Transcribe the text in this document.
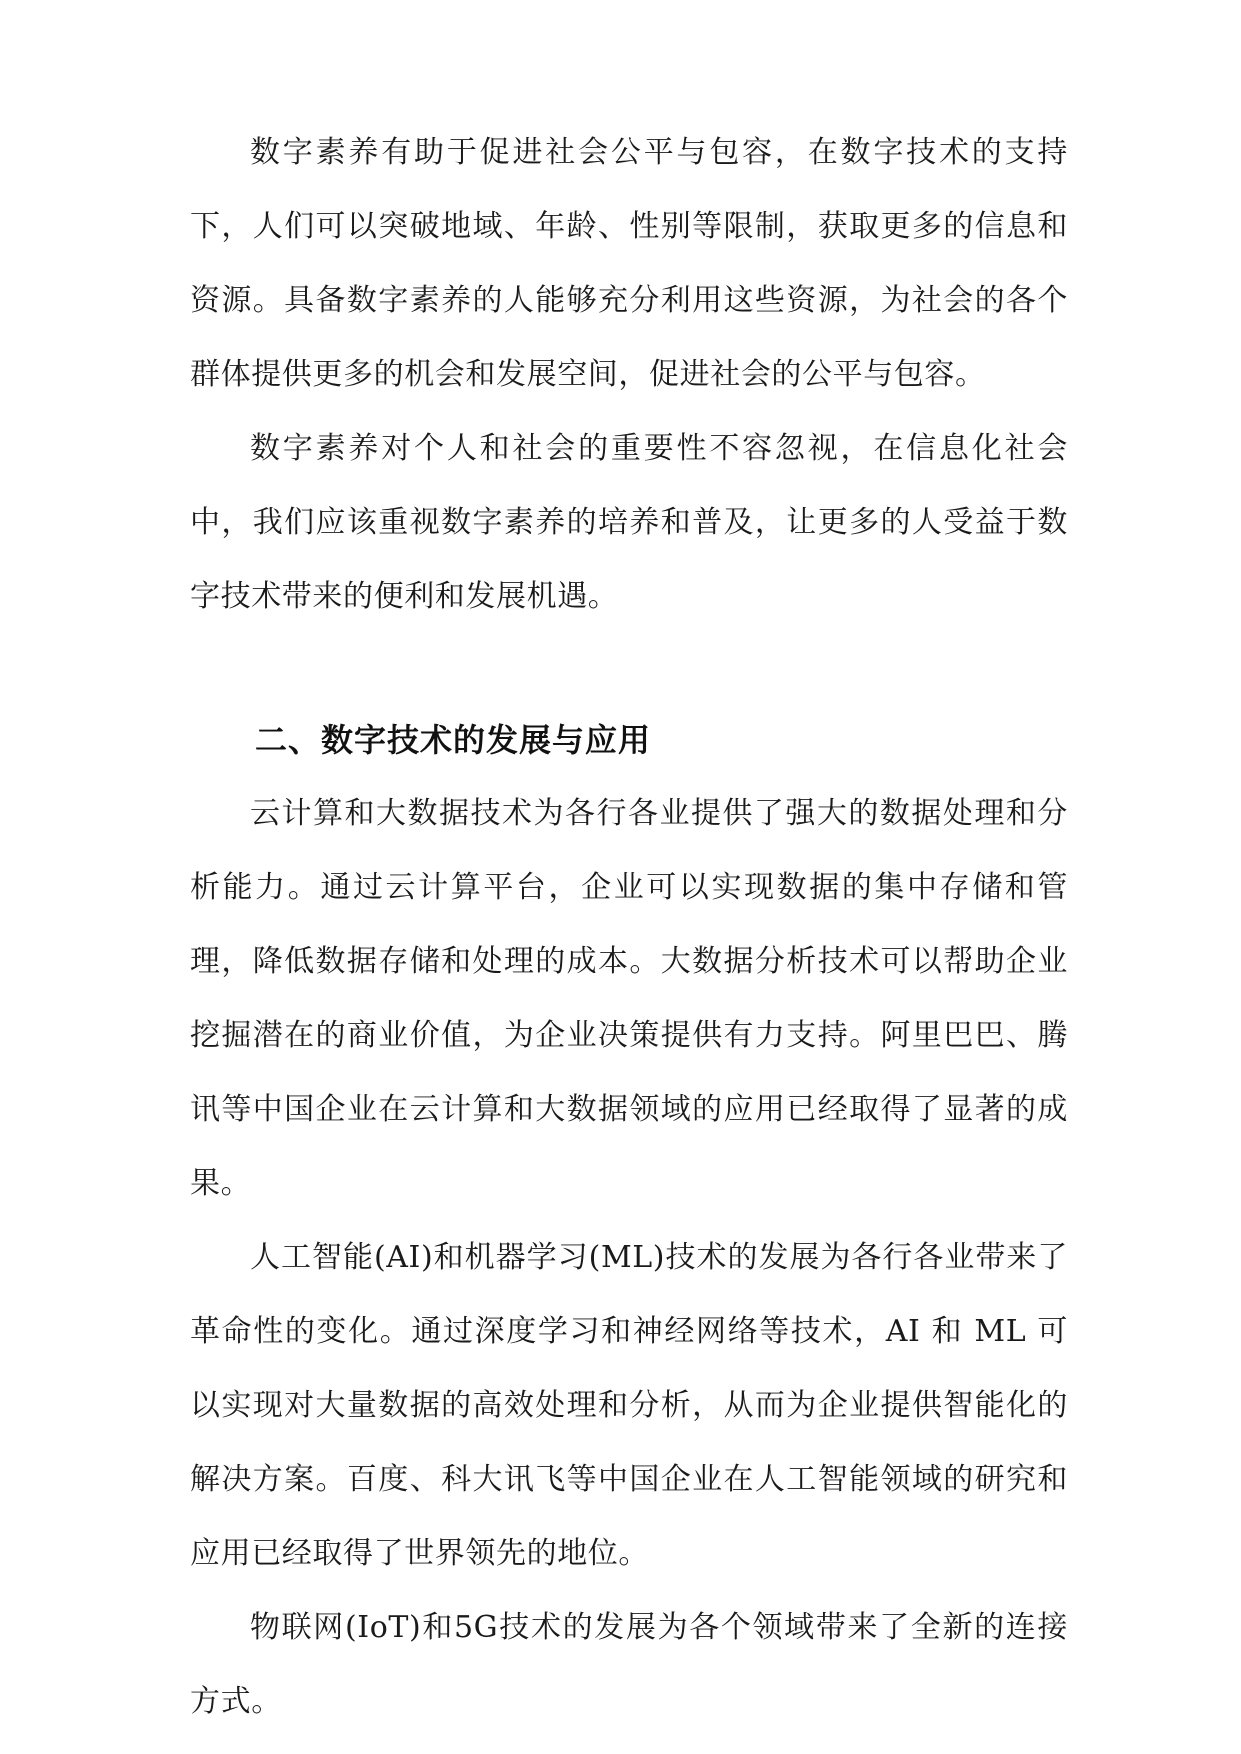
数字素养有助于促进社会公平与包容，在数字技术的支持下，人们可以突破地域、年龄、性别等限制，获取更多的信息和资源。具备数字素养的人能够充分利用这些资源，为社会的各个群体提供更多的机会和发展空间，促进社会的公平与包容。

数字素养对个人和社会的重要性不容忽视，在信息化社会中，我们应该重视数字素养的培养和普及，让更多的人受益于数字技术带来的便利和发展机遇。

二、数字技术的发展与应用

云计算和大数据技术为各行各业提供了强大的数据处理和分析能力。通过云计算平台，企业可以实现数据的集中存储和管理，降低数据存储和处理的成本。大数据分析技术可以帮助企业挖掘潜在的商业价值，为企业决策提供有力支持。阿里巴巴、腾讯等中国企业在云计算和大数据领域的应用已经取得了显著的成果。

人工智能(AI)和机器学习(ML)技术的发展为各行各业带来了革命性的变化。通过深度学习和神经网络等技术，AI 和 ML 可以实现对大量数据的高效处理和分析，从而为企业提供智能化的解决方案。百度、科大讯飞等中国企业在人工智能领域的研究和应用已经取得了世界领先的地位。

物联网(IoT)和5G技术的发展为各个领域带来了全新的连接方式。
